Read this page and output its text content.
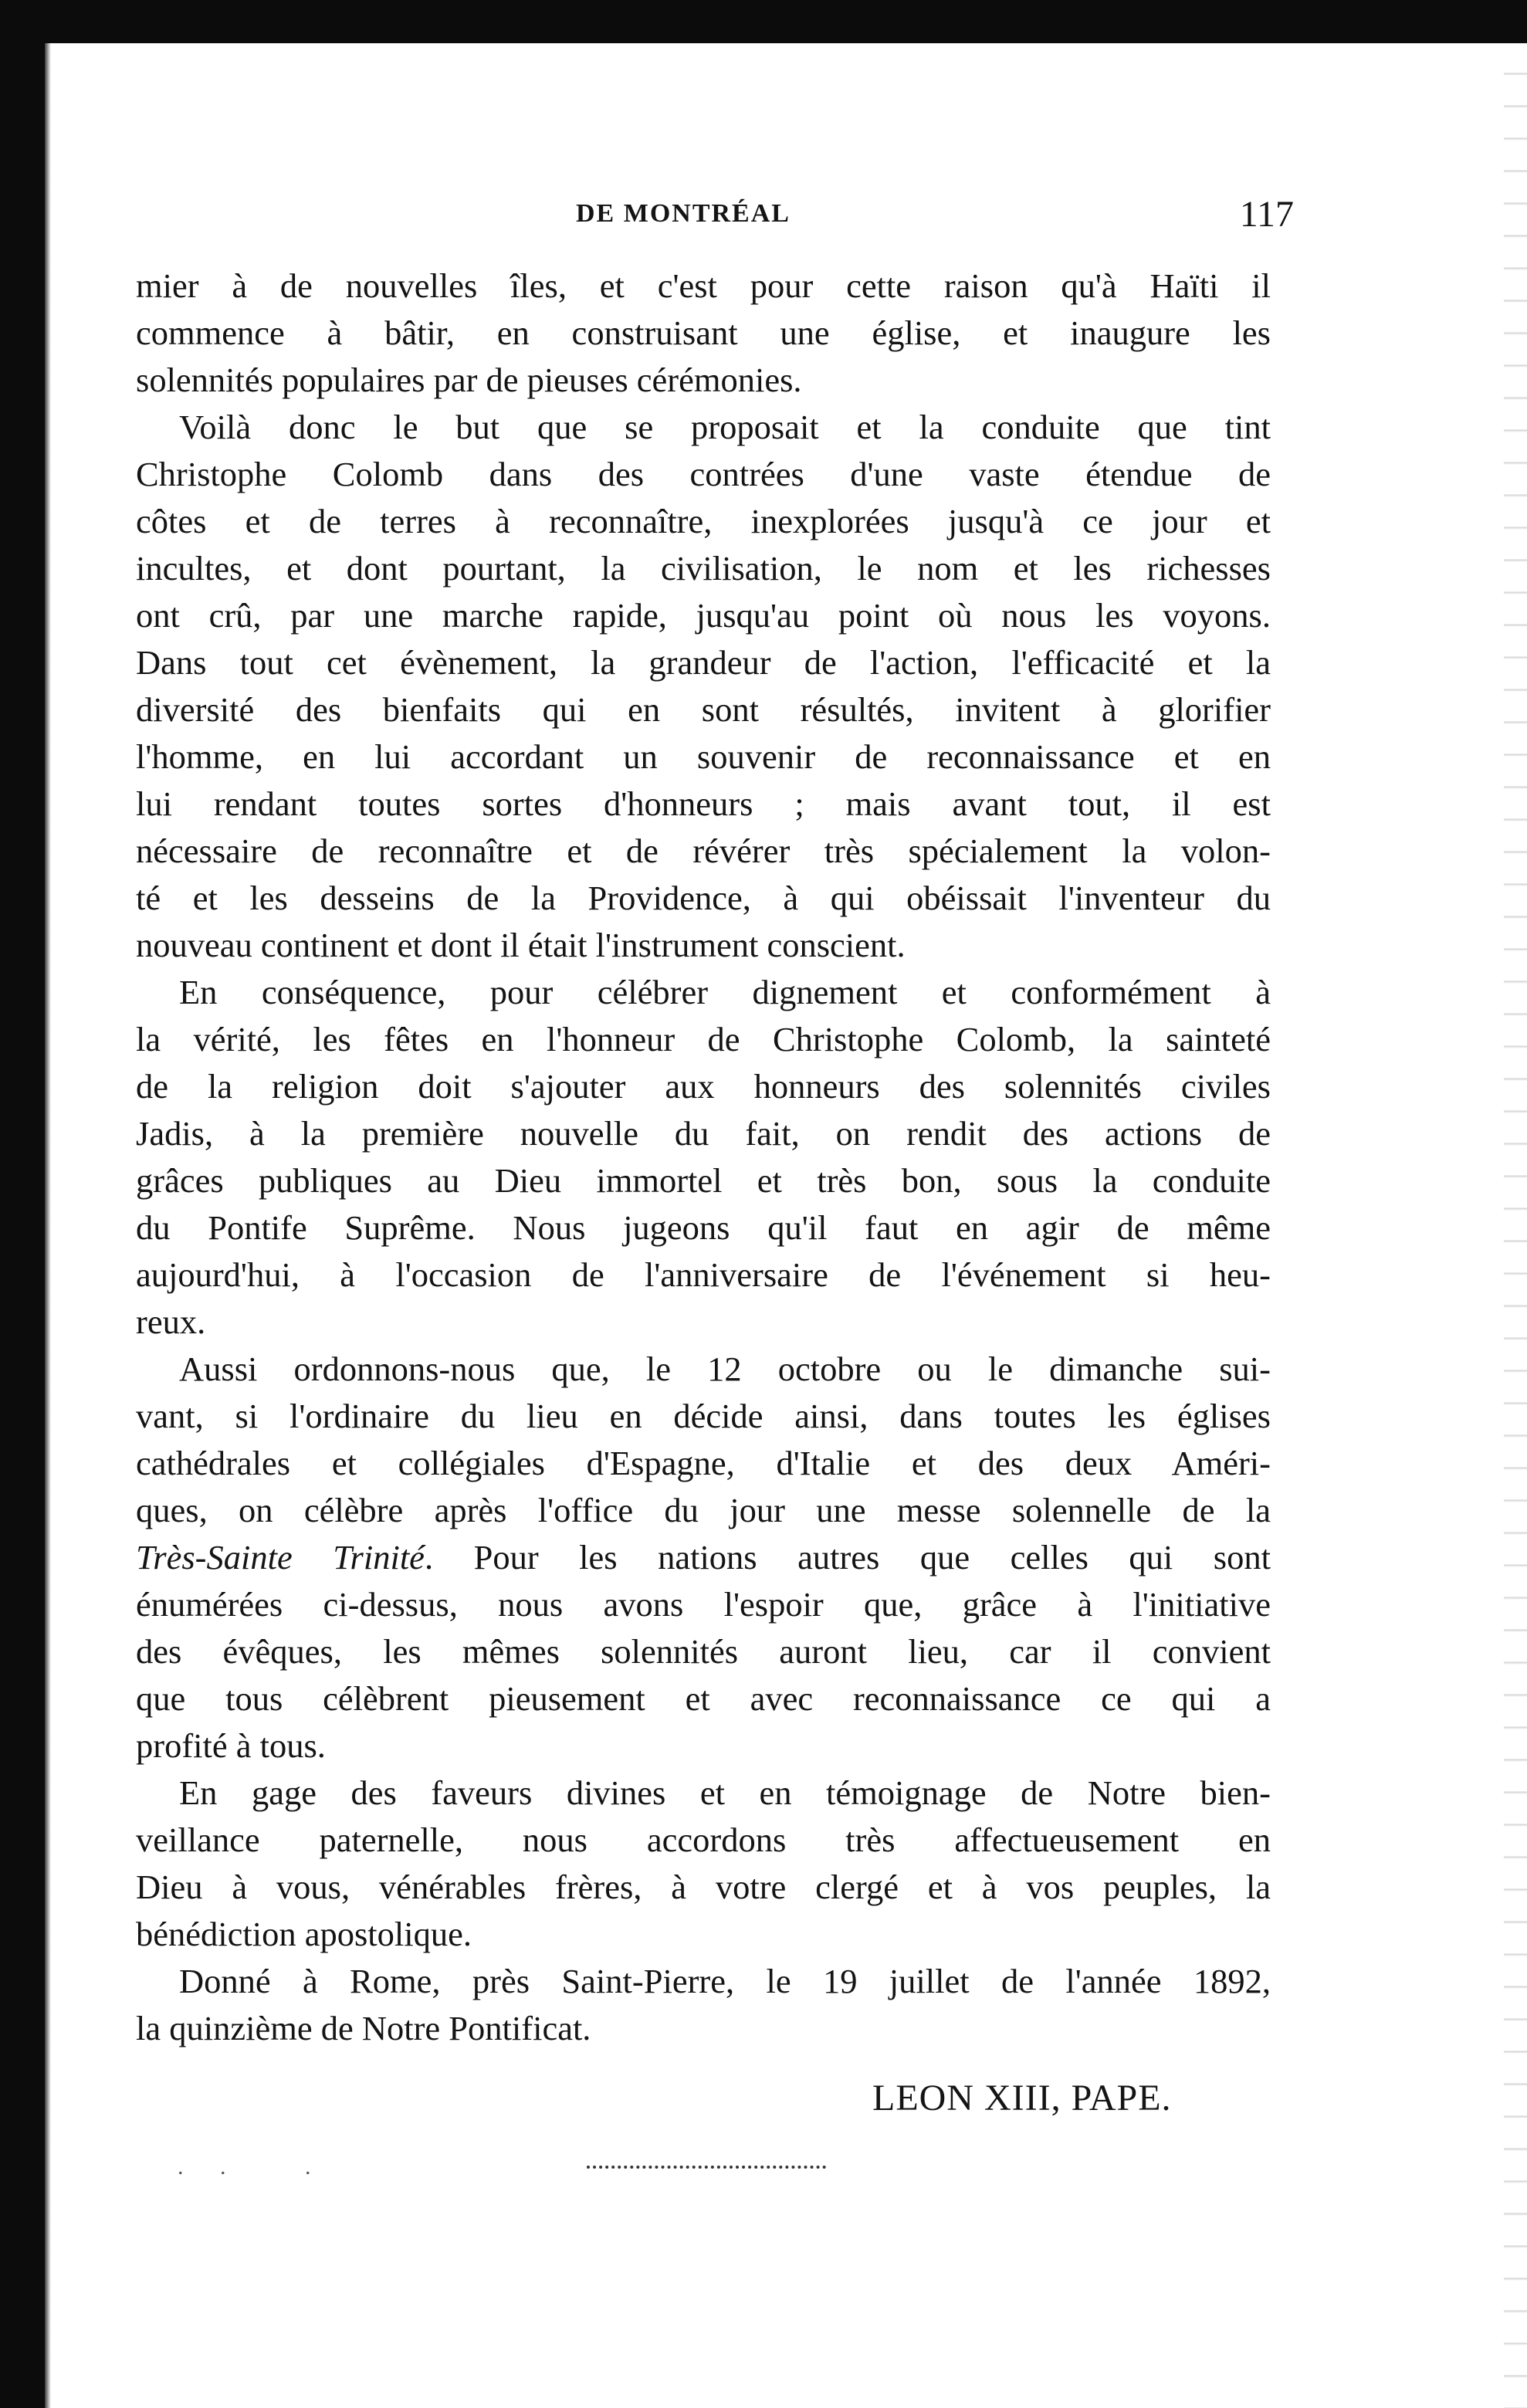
DE MONTRÉAL	117
mier à de nouvelles îles, et c'est pour cette raison qu'à Haïti il
commence à bâtir, en construisant une église, et inaugure les
solennités populaires par de pieuses cérémonies.
Voilà donc le but que se proposait et la conduite que tint
Christophe Colomb dans des contrées d'une vaste étendue de
côtes et de terres à reconnaître, inexplorées jusqu'à ce jour et
incultes, et dont pourtant, la civilisation, le nom et les richesses
ont crû, par une marche rapide, jusqu'au point où nous les voyons.
Dans tout cet évènement, la grandeur de l'action, l'efficacité et la
diversité des bienfaits qui en sont résultés, invitent à glorifier
l'homme, en lui accordant un souvenir de reconnaissance et en
lui rendant toutes sortes d'honneurs ; mais avant tout, il est
nécessaire de reconnaître et de révérer très spécialement la volon-
té et les desseins de la Providence, à qui obéissait l'inventeur du
nouveau continent et dont il était l'instrument conscient.
En conséquence, pour célébrer dignement et conformément à
la vérité, les fêtes en l'honneur de Christophe Colomb, la sainteté
de la religion doit s'ajouter aux honneurs des solennités civiles
Jadis, à la première nouvelle du fait, on rendit des actions de
grâces publiques au Dieu immortel et très bon, sous la conduite
du Pontife Suprême. Nous jugeons qu'il faut en agir de même
aujourd'hui, à l'occasion de l'anniversaire de l'événement si heu-
reux.
Aussi ordonnons-nous que, le 12 octobre ou le dimanche sui-
vant, si l'ordinaire du lieu en décide ainsi, dans toutes les églises
cathédrales et collégiales d'Espagne, d'Italie et des deux Améri-
ques, on célèbre après l'office du jour une messe solennelle de la
Très-Sainte Trinité. Pour les nations autres que celles qui sont
énumérées ci-dessus, nous avons l'espoir que, grâce à l'initiative
des évêques, les mêmes solennités auront lieu, car il convient
que tous célèbrent pieusement et avec reconnaissance ce qui a
profité à tous.
En gage des faveurs divines et en témoignage de Notre bien-
veillance paternelle, nous accordons très affectueusement en
Dieu à vous, vénérables frères, à votre clergé et à vos peuples, la
bénédiction apostolique.
Donné à Rome, près Saint-Pierre, le 19 juillet de l'année 1892,
la quinzième de Notre Pontificat.
LEON XIII, PAPE.
. .   .
